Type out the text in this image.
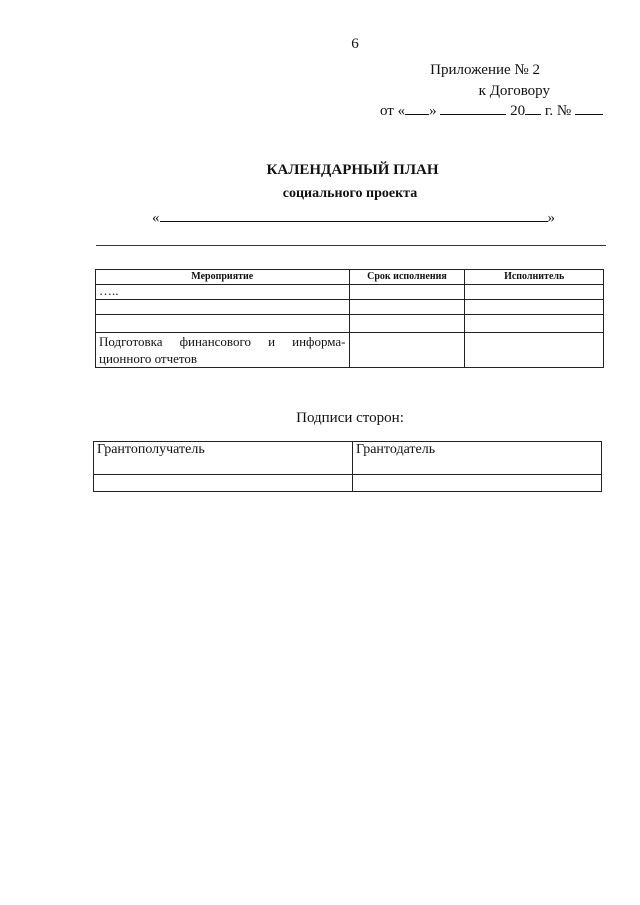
6
Приложение № 2
к Договору
от « »	20 г. №
КАЛЕНДАРНЫЙ ПЛАН
социального проекта
«	»
Мероприятие	Срок исполнения	Исполнитель
…..		

Подготовка финансового и информа-ционного отчетов		
Подписи сторон:
Грантополучатель	Грантодатель
